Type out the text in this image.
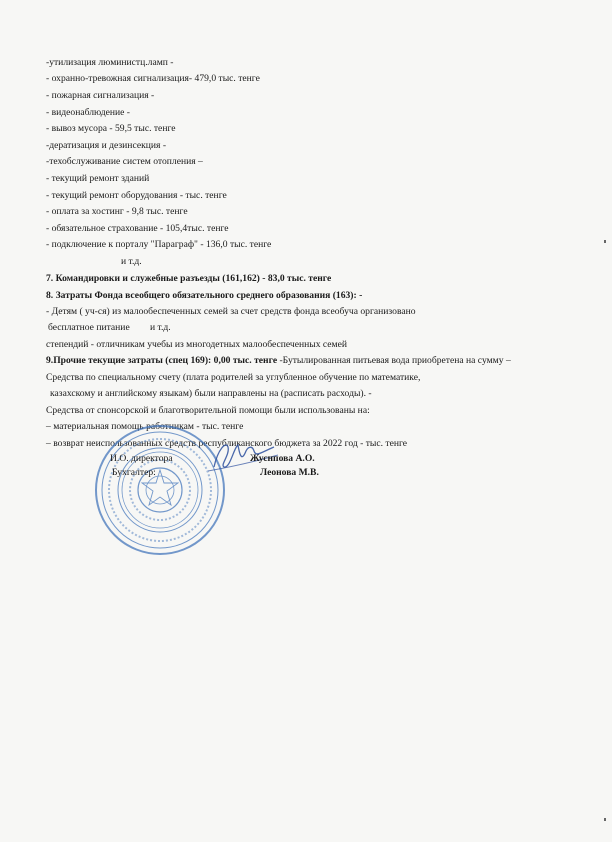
-утилизация люминистц.ламп -
- охранно-тревожная сигнализация- 479,0 тыс. тенге
- пожарная сигнализация -
- видеонаблюдение -
- вывоз мусора - 59,5 тыс. тенге
-дератизация и дезинсекция -
-техобслуживание систем отопления –
- текущий ремонт зданий
- текущий ремонт оборудования - тыс. тенге
- оплата за хостинг - 9,8 тыс. тенге
- обязательное страхование - 105,4тыс. тенге
- подключение к порталу "Параграф" - 136,0 тыс. тенге
и т.д.
7. Командировки и служебные разъезды (161,162) - 83,0 тыс. тенге
8. Затраты Фонда всеобщего обязательного среднего образования (163): -
- Детям ( уч-ся) из малообеспеченных семей за счет средств фонда всеобуча организовано
бесплатное питание и т.д.
степендий - отличникам учебы из многодетных малообеспеченных семей
9.Прочие текущие затраты (спец 169): 0,00 тыс. тенге -Бутылированная питьевая вода приобретена на сумму –
Средства по специальному счету (плата родителей за углубленное обучение по математике,
казахскому и английскому языкам) были направлены на (расписать расходы). -
Средства от спонсорской и благотворительной помощи были использованы на:
– материальная помощь работникам - тыс. тенге
– возврат неиспользованных средств республиканского бюджета за 2022 год - тыс. тенге
И.О. директора	Жуснпова А.О.
Бухгалтер:	Леонова М.В.
